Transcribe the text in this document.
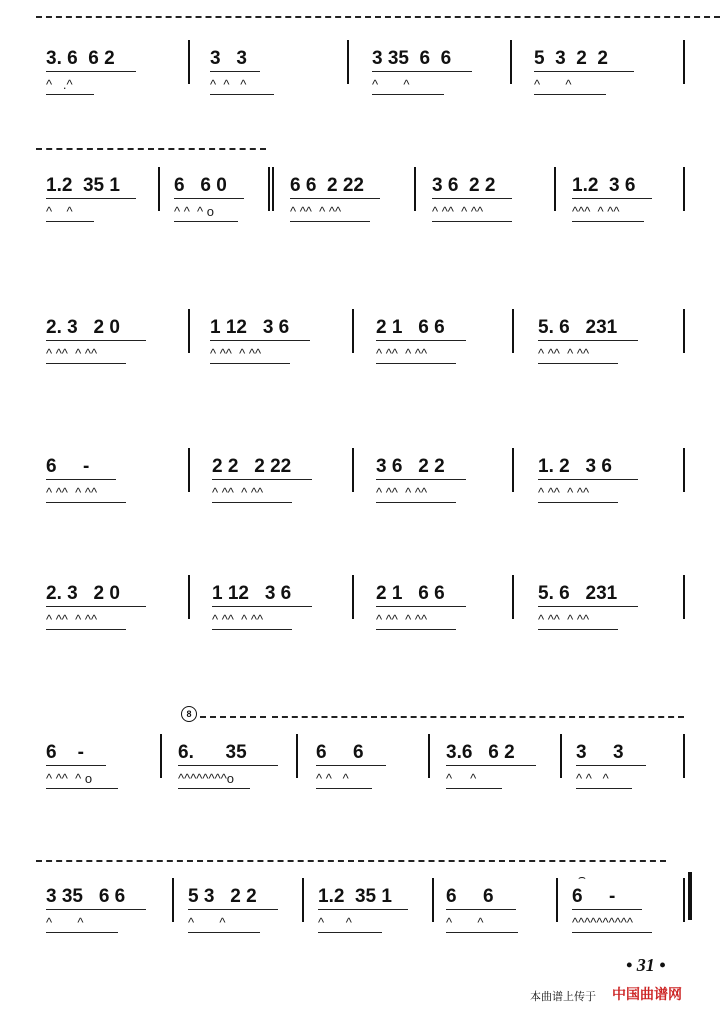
3. 6  6 2
^   .^
3   3
^  ^   ^
3 35  6  6
^       ^
5  3  2  2
^       ^
1.2  35 1
^    ^
6   6 0
^ ^  ^ o
6 6  2 22
^ ^^  ^ ^^
3 6  2 2
^ ^^  ^ ^^
1.2  3 6
^^^  ^ ^^
2. 3   2 0
^ ^^  ^ ^^
1 12   3 6
^ ^^  ^ ^^
2 1   6 6
^ ^^  ^ ^^
5. 6   231
^ ^^  ^ ^^
6     -
^ ^^  ^ ^^
2 2   2 22
^ ^^  ^ ^^
3 6   2 2
^ ^^  ^ ^^
1. 2   3 6
^ ^^  ^ ^^
2. 3   2 0
^ ^^  ^ ^^
1 12   3 6
^ ^^  ^ ^^
2 1   6 6
^ ^^  ^ ^^
5. 6   231
^ ^^  ^ ^^
6    -
^ ^^  ^ o
6.      35
^^^^^^^^o
6     6
^ ^   ^
3.6   6 2
^     ^
3     3
^ ^   ^
3 35   6 6
^       ^
5 3   2 2
^       ^
1.2  35 1
^      ^
6     6
^       ^
6     -
^^^^^^^^^^
8
⌢
• 31 •
本曲谱上传于 中国曲谱网
